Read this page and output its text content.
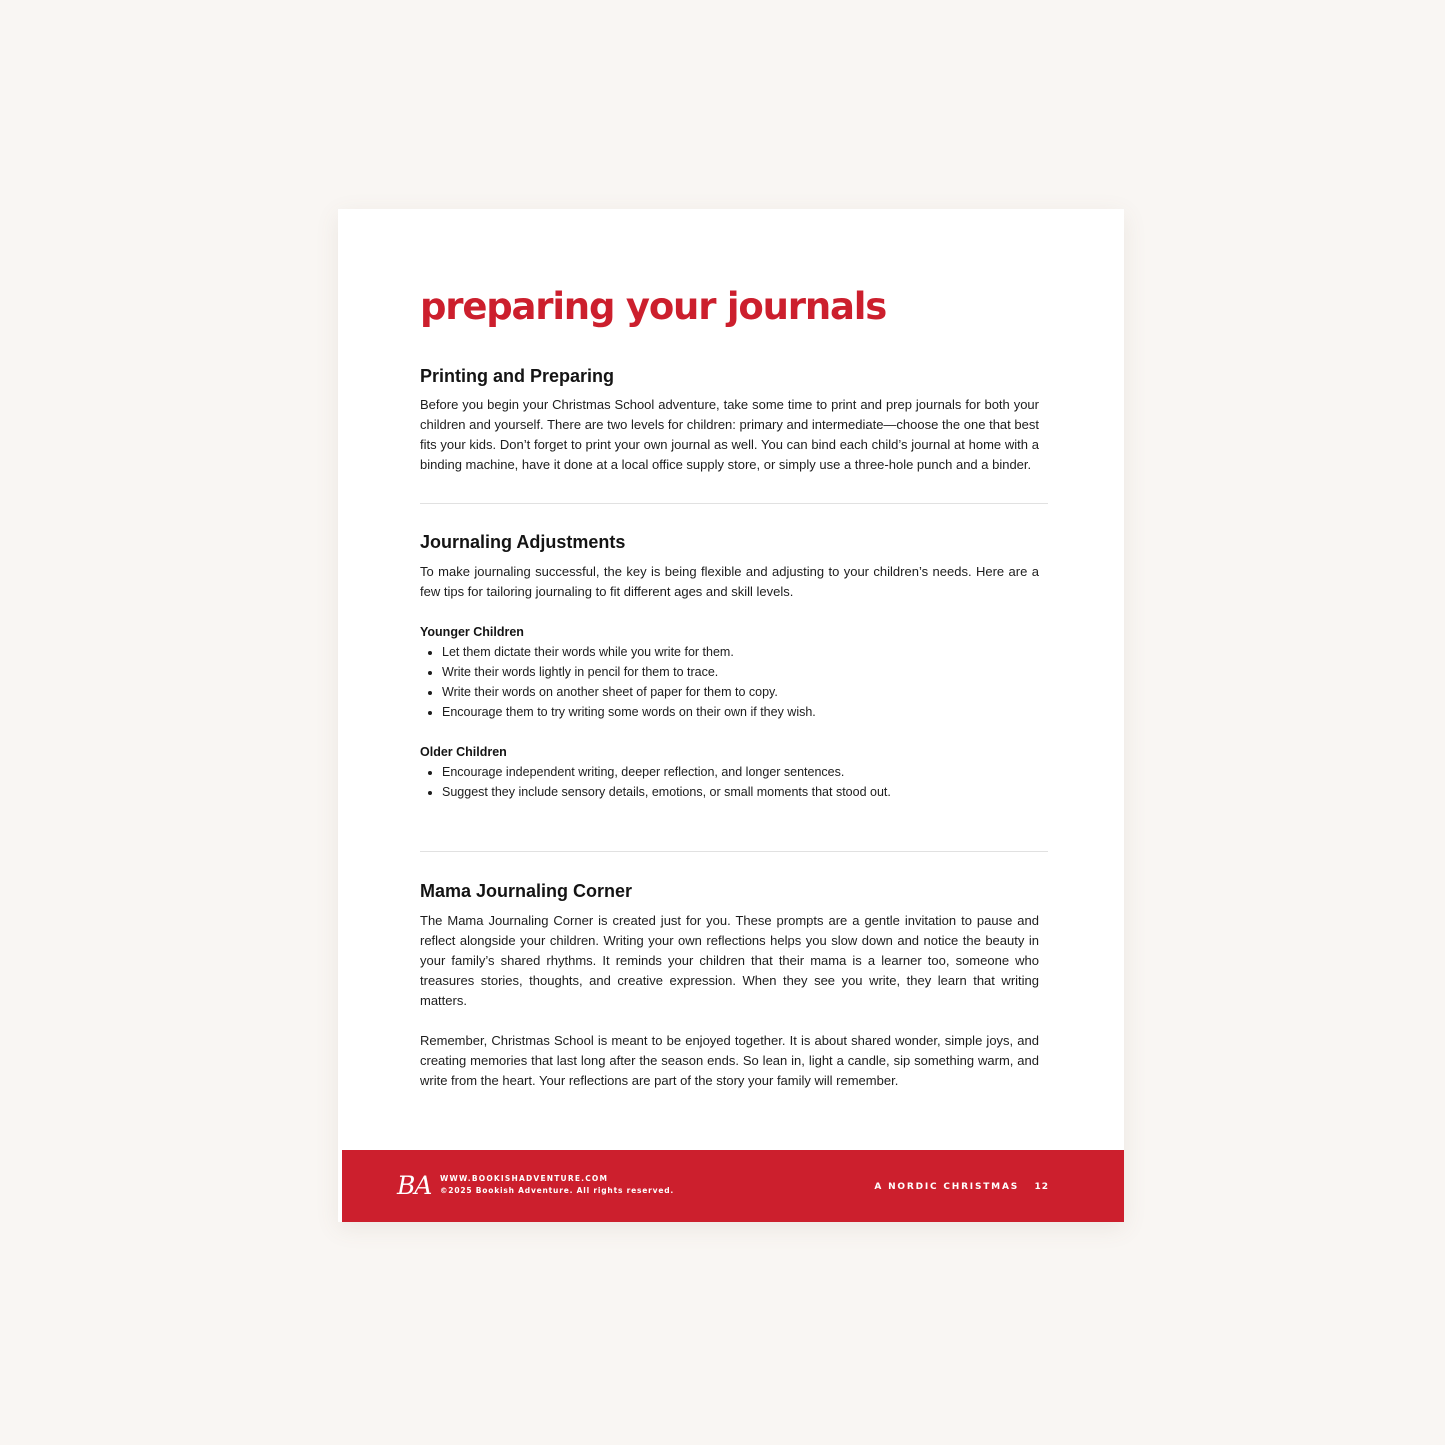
preparing your journals
Printing and Preparing

Before you begin your Christmas School adventure, take some time to print and prep journals for both your children and yourself. There are two levels for children: primary and intermediate—choose the one that best fits your kids. Don’t forget to print your own journal as well. You can bind each child’s journal at home with a binding machine, have it done at a local office supply store, or simply use a three-hole punch and a binder.

Journaling Adjustments

To make journaling successful, the key is being flexible and adjusting to your children’s needs. Here are a few tips for tailoring journaling to fit different ages and skill levels.

Younger Children

• Let them dictate their words while you write for them.
• Write their words lightly in pencil for them to trace.
• Write their words on another sheet of paper for them to copy.
• Encourage them to try writing some words on their own if they wish.

Older Children

• Encourage independent writing, deeper reflection, and longer sentences.
• Suggest they include sensory details, emotions, or small moments that stood out.
Mama Journaling Corner

The Mama Journaling Corner is created just for you. These prompts are a gentle invitation to pause and reflect alongside your children. Writing your own reflections helps you slow down and notice the beauty in your family’s shared rhythms. It reminds your children that their mama is a learner too, someone who treasures stories, thoughts, and creative expression. When they see you write, they learn that writing matters.

Remember, Christmas School is meant to be enjoyed together. It is about shared wonder, simple joys, and creating memories that last long after the season ends. So lean in, light a candle, sip something warm, and write from the heart. Your reflections are part of the story your family will remember.

BA WWW.BOOKISHADVENTURE.COM
©2025 Bookish Adventure. All rights reserved.	A NORDIC CHRISTMAS 12
